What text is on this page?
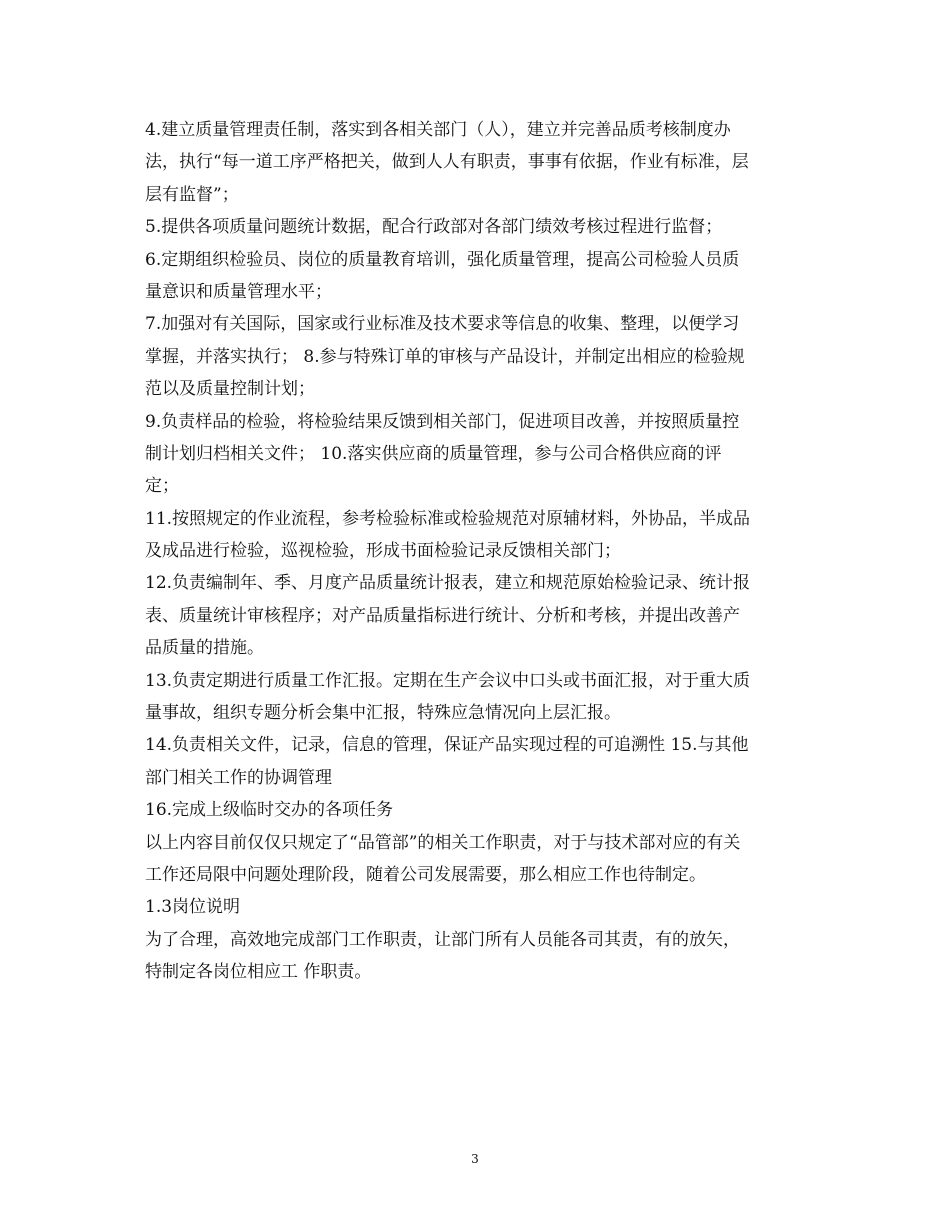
4.建立质量管理责任制，落实到各相关部门（人），建立并完善品质考核制度办
法，执行“每一道工序严格把关，做到人人有职责，事事有依据，作业有标准，层
层有监督”；
5.提供各项质量问题统计数据，配合行政部对各部门绩效考核过程进行监督；
6.定期组织检验员、岗位的质量教育培训，强化质量管理，提高公司检验人员质
量意识和质量管理水平；
7.加强对有关国际，国家或行业标准及技术要求等信息的收集、整理，以便学习
掌握，并落实执行； 8.参与特殊订单的审核与产品设计，并制定出相应的检验规
范以及质量控制计划；
9.负责样品的检验，将检验结果反馈到相关部门，促进项目改善，并按照质量控
制计划归档相关文件； 10.落实供应商的质量管理，参与公司合格供应商的评
定；
11.按照规定的作业流程，参考检验标准或检验规范对原辅材料，外协品，半成品
及成品进行检验，巡视检验，形成书面检验记录反馈相关部门；
12.负责编制年、季、月度产品质量统计报表，建立和规范原始检验记录、统计报
表、质量统计审核程序；对产品质量指标进行统计、分析和考核，并提出改善产
品质量的措施。
13.负责定期进行质量工作汇报。定期在生产会议中口头或书面汇报，对于重大质
量事故，组织专题分析会集中汇报，特殊应急情况向上层汇报。
14.负责相关文件，记录，信息的管理，保证产品实现过程的可追溯性 15.与其他
部门相关工作的协调管理
16.完成上级临时交办的各项任务
以上内容目前仅仅只规定了“品管部”的相关工作职责，对于与技术部对应的有关
工作还局限中问题处理阶段，随着公司发展需要，那么相应工作也待制定。
1.3岗位说明
为了合理，高效地完成部门工作职责，让部门所有人员能各司其责，有的放矢，
特制定各岗位相应工 作职责。
3
